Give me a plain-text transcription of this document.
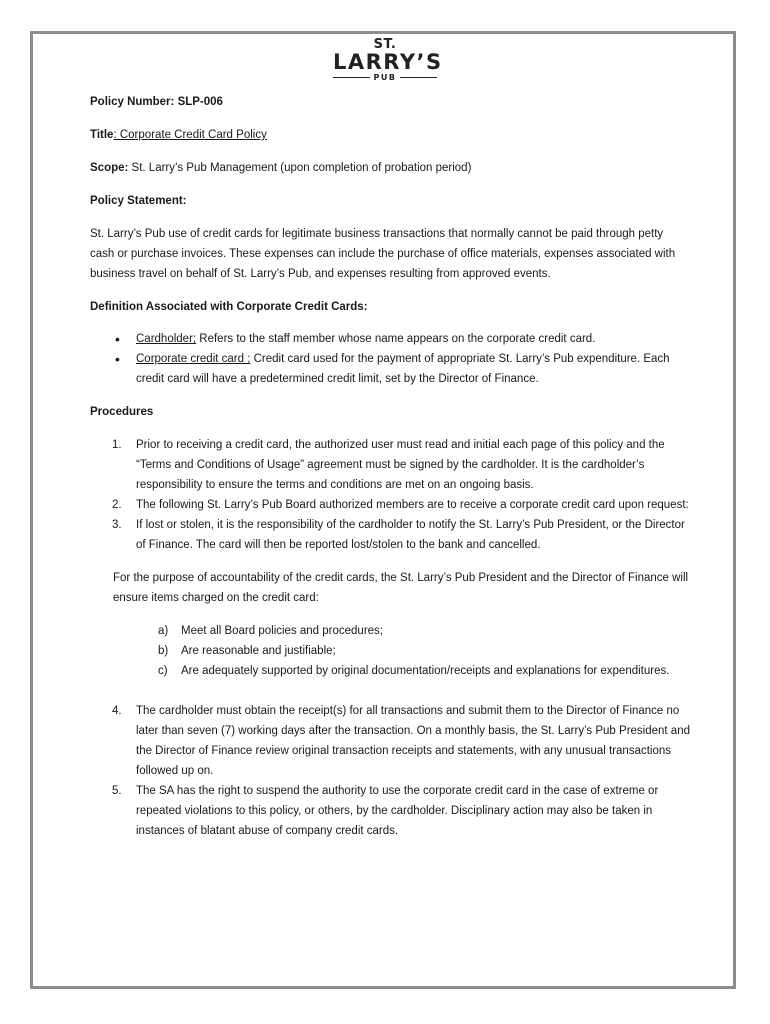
ST.
LARRY’S
PUB

Policy Number: SLP-006

Title: Corporate Credit Card Policy

Scope: St. Larry’s Pub Management (upon completion of probation period)

Policy Statement:

St. Larry’s Pub use of credit cards for legitimate business transactions that normally cannot be paid through petty cash or purchase invoices. These expenses can include the purchase of office materials, expenses associated with business travel on behalf of St. Larry’s Pub, and expenses resulting from approved events.

Definition Associated with Corporate Credit Cards:

• Cardholder; Refers to the staff member whose name appears on the corporate credit card.
• Corporate credit card ; Credit card used for the payment of appropriate St. Larry’s Pub expenditure. Each credit card will have a predetermined credit limit, set by the Director of Finance.

Procedures

1. Prior to receiving a credit card, the authorized user must read and initial each page of this policy and the “Terms and Conditions of Usage” agreement must be signed by the cardholder. It is the cardholder’s responsibility to ensure the terms and conditions are met on an ongoing basis.
2. The following St. Larry’s Pub Board authorized members are to receive a corporate credit card upon request:
3. If lost or stolen, it is the responsibility of the cardholder to notify the St. Larry’s Pub President, or the Director of Finance. The card will then be reported lost/stolen to the bank and cancelled.

For the purpose of accountability of the credit cards, the St. Larry’s Pub President and the Director of Finance will ensure items charged on the credit card:

a) Meet all Board policies and procedures;
b) Are reasonable and justifiable;
c) Are adequately supported by original documentation/receipts and explanations for expenditures.
4. The cardholder must obtain the receipt(s) for all transactions and submit them to the Director of Finance no later than seven (7) working days after the transaction. On a monthly basis, the St. Larry’s Pub President and the Director of Finance review original transaction receipts and statements, with any unusual transactions followed up on.
5. The SA has the right to suspend the authority to use the corporate credit card in the case of extreme or repeated violations to this policy, or others, by the cardholder. Disciplinary action may also be taken in instances of blatant abuse of company credit cards.
